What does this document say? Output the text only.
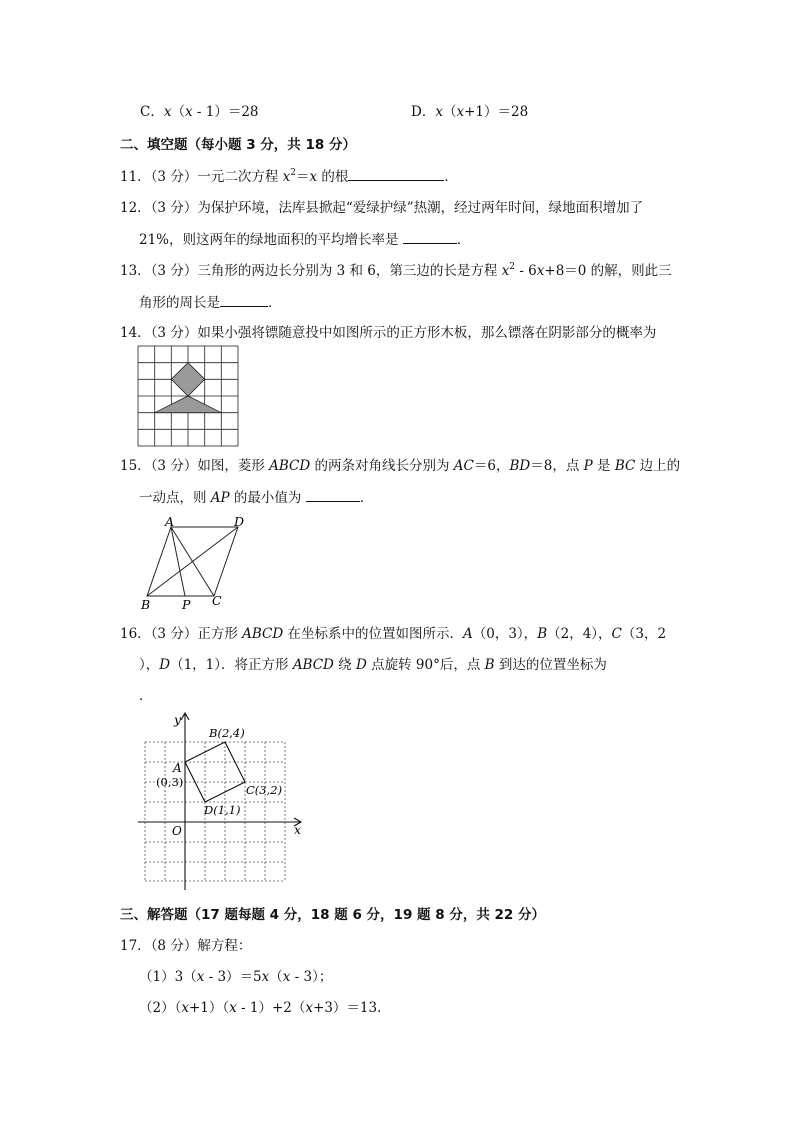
C．x（x - 1）＝28	D．x（x+1）＝28
二、填空题（每小题 3 分，共 18 分）
11．（3 分）一元二次方程 $x^2=x$ 的根	．
12．（3 分）为保护环境，法库县掀起“爱绿护绿”热潮，经过两年时间，绿地面积增加了
21%，则这两年的绿地面积的平均增长率是	．
13．（3 分）三角形的两边长分别为 3 和 6，第三边的长是方程 $x^2 - 6x+8=0$ 的解，则此三
角形的周长是	．
14．（3 分）如果小强将镖随意投中如图所示的正方形木板，那么镖落在阴影部分的概率为
15．（3 分）如图，菱形 ABCD 的两条对角线长分别为 AC＝6，BD＝8，点 P 是 BC 边上的
一动点，则 AP 的最小值为	．
A	D
B	P C
16．（3 分）正方形 ABCD 在坐标系中的位置如图所示．A（0，3），B（2，4），C（3，2
），D（1，1）．将正方形 ABCD 绕 D 点旋转 90°后，点 B 到达的位置坐标为
．
y
x
O
A
(0,3)
B(2,4)
C(3,2)
D(1,1)
三、解答题（17 题每题 4 分，18 题 6 分，19 题 8 分，共 22 分）
17．（8 分）解方程：
（1）3（x - 3）＝5x（x - 3）；
（2）（x+1）（x - 1）+2（x+3）＝13．
